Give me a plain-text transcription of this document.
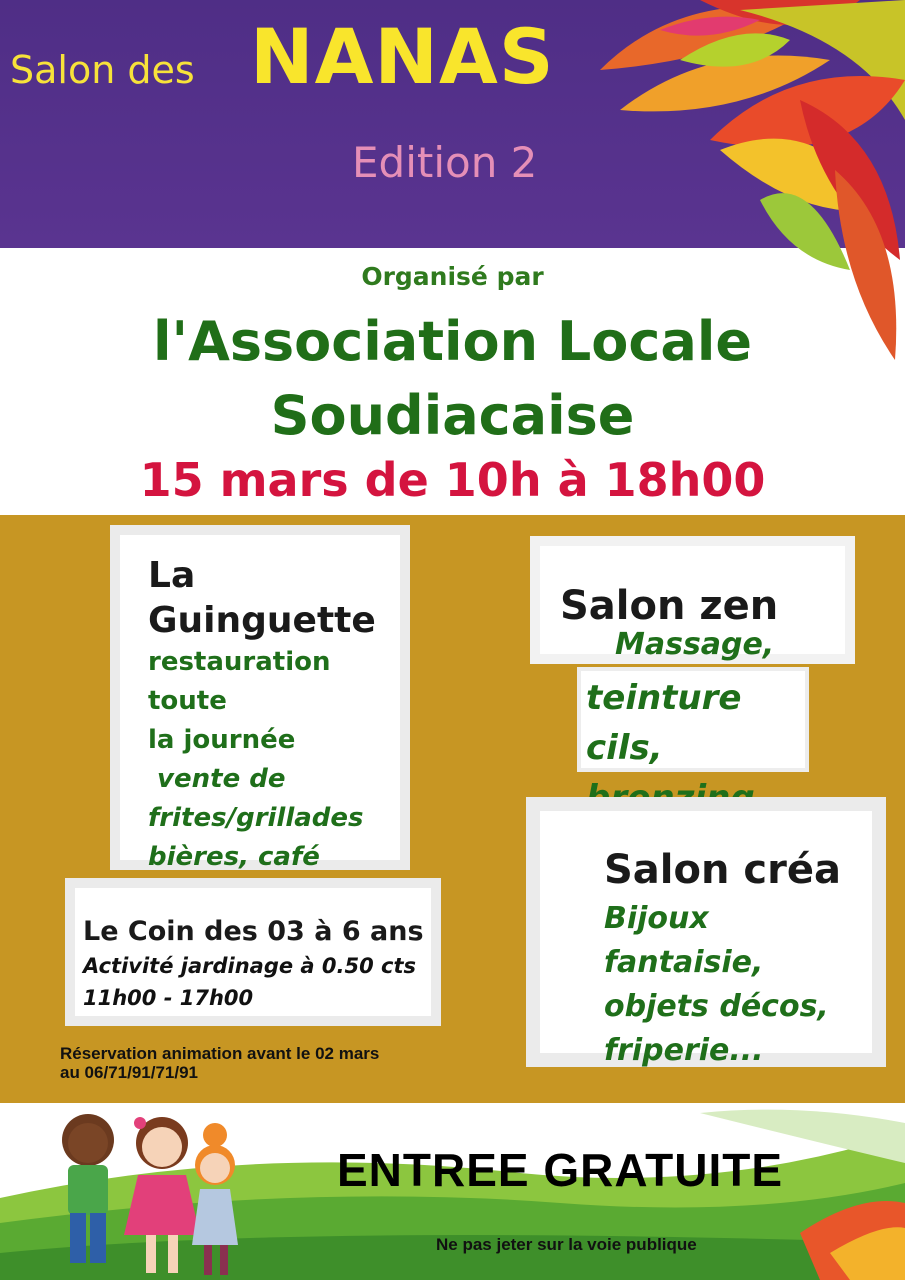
Salon des NANAS
Edition 2
Organisé par
l'Association Locale
Soudiacaise
15 mars de 10h à 18h00
La
Guinguette
restauration toute
la journée
vente de
frites/grillades
bières, café
Salon zen
Massage,
teinture cils,
Salon créa
Bijoux fantaisie,
objets décos,
friperie...
Le Coin des 03 à 6 ans
Activité jardinage à 0.50 cts
11h00 - 17h00
Réservation animation avant le 02 mars
au 06/71/91/71/91
ENTREE GRATUITE
Ne pas jeter sur la voie publique
